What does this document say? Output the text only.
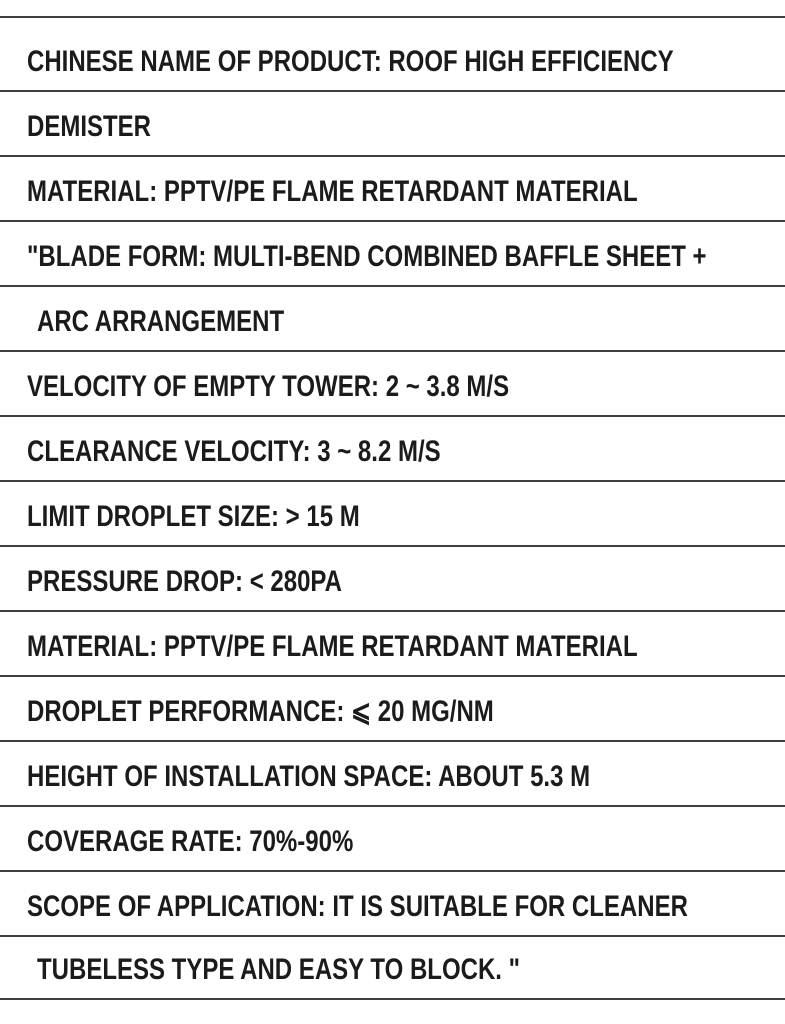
CHINESE NAME OF PRODUCT: ROOF HIGH EFFICIENCY
DEMISTER
MATERIAL: PPTV/PE FLAME RETARDANT MATERIAL
"BLADE FORM: MULTI-BEND COMBINED BAFFLE SHEET +
ARC ARRANGEMENT
VELOCITY OF EMPTY TOWER: 2 ~ 3.8 M/S
CLEARANCE VELOCITY: 3 ~ 8.2 M/S
LIMIT DROPLET SIZE: > 15 M
PRESSURE DROP: < 280PA
MATERIAL: PPTV/PE FLAME RETARDANT MATERIAL
DROPLET PERFORMANCE: ⩽ 20 MG/NM
HEIGHT OF INSTALLATION SPACE: ABOUT 5.3 M
COVERAGE RATE: 70%-90%
SCOPE OF APPLICATION: IT IS SUITABLE FOR CLEANER
TUBELESS TYPE AND EASY TO BLOCK. "
